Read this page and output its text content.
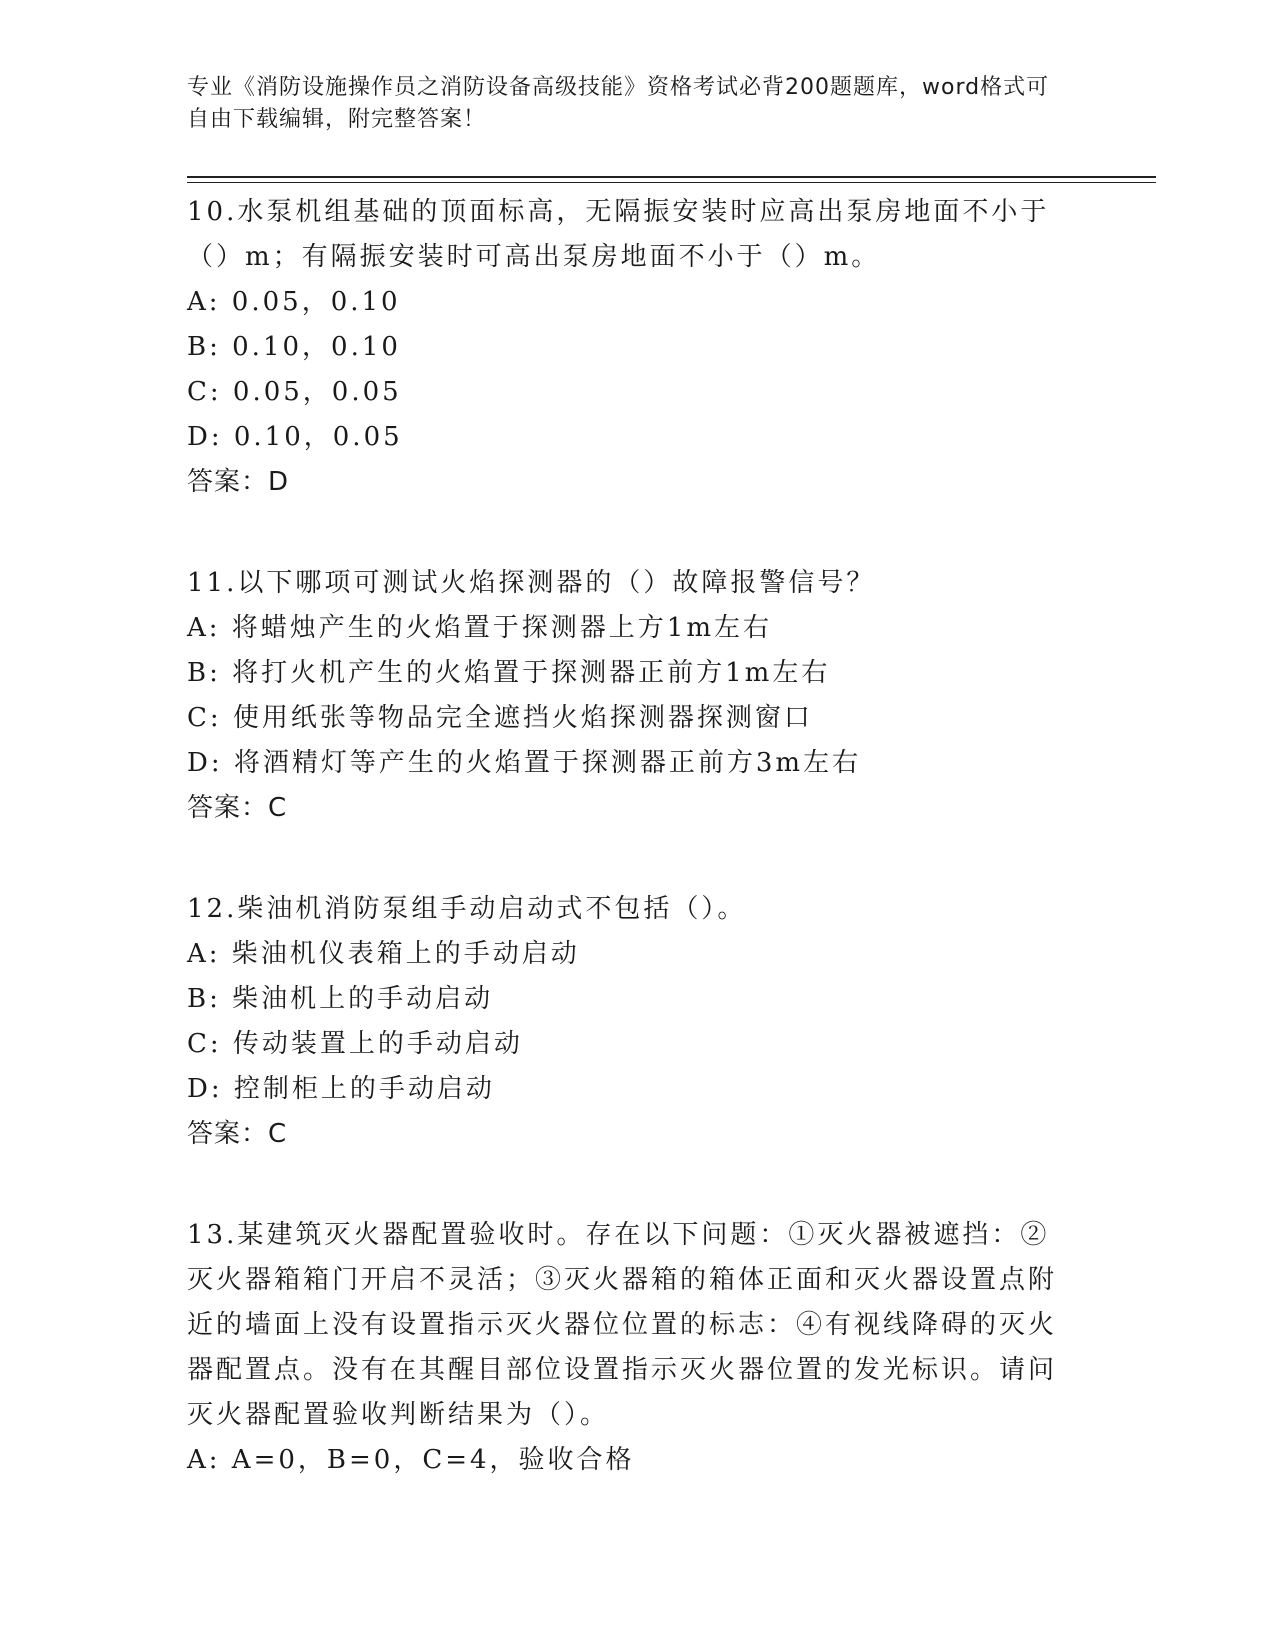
专业《消防设施操作员之消防设备高级技能》资格考试必背200题题库，word格式可自由下载编辑，附完整答案！
10.水泵机组基础的顶面标高，无隔振安装时应高出泵房地面不小于（）m；有隔振安装时可高出泵房地面不小于（）m。
A: 0.05，0.10
B: 0.10，0.10
C: 0.05，0.05
D: 0.10，0.05
答案：D
11.以下哪项可测试火焰探测器的（）故障报警信号？
A: 将蜡烛产生的火焰置于探测器上方1m左右
B: 将打火机产生的火焰置于探测器正前方1m左右
C: 使用纸张等物品完全遮挡火焰探测器探测窗口
D: 将酒精灯等产生的火焰置于探测器正前方3m左右
答案：C
12.柴油机消防泵组手动启动式不包括（）。
A: 柴油机仪表箱上的手动启动
B: 柴油机上的手动启动
C: 传动装置上的手动启动
D: 控制柜上的手动启动
答案：C
13.某建筑灭火器配置验收时。存在以下问题：①灭火器被遮挡：②灭火器箱箱门开启不灵活；③灭火器箱的箱体正面和灭火器设置点附近的墙面上没有设置指示灭火器位位置的标志：④有视线降碍的灭火器配置点。没有在其醒目部位设置指示灭火器位置的发光标识。请问灭火器配置验收判断结果为（）。
A: A=0，B=0，C=4，验收合格
